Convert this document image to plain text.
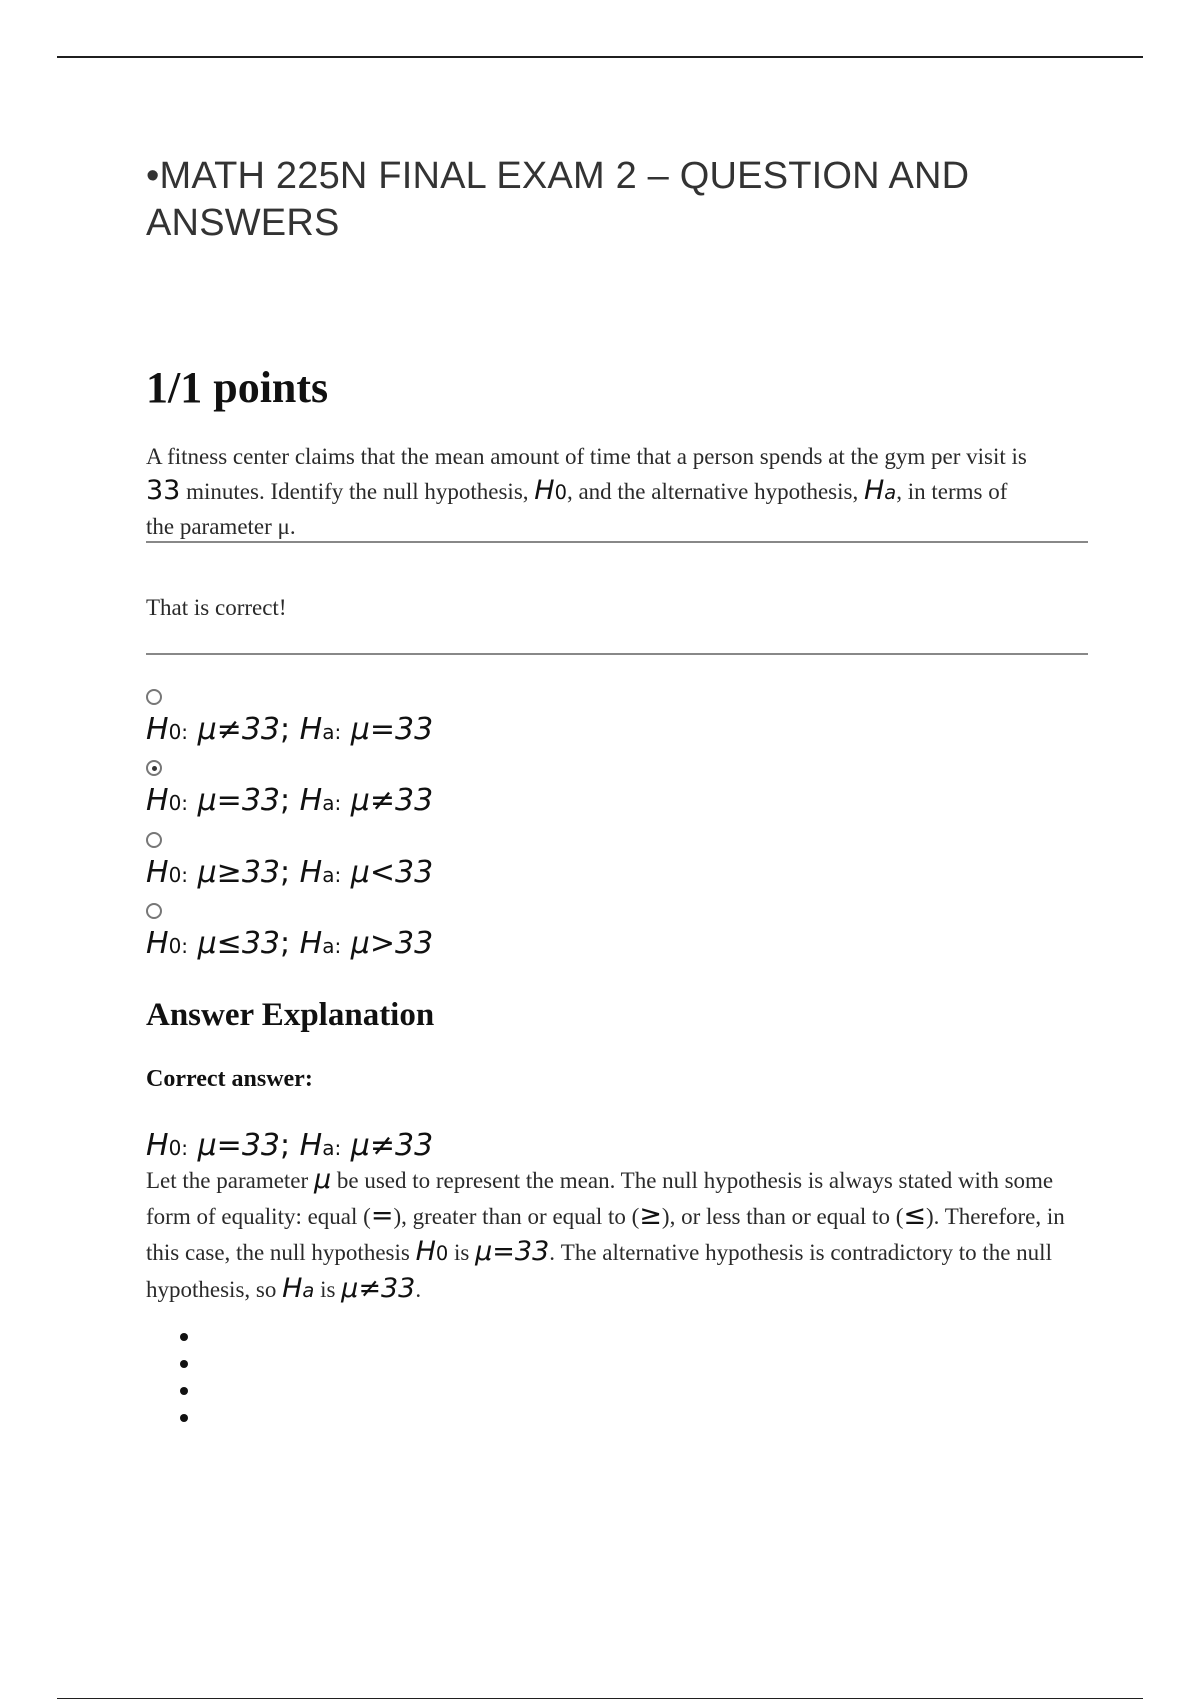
•MATH 225N FINAL EXAM 2 – QUESTION AND ANSWERS
1/1 points
A fitness center claims that the mean amount of time that a person spends at the gym per visit is
33 minutes. Identify the null hypothesis, H0, and the alternative hypothesis, Ha, in terms of
the parameter μ.
That is correct!
H0: μ≠33; Ha: μ=33
H0: μ=33; Ha: μ≠33
H0: μ≥33; Ha: μ<33
H0: μ≤33; Ha: μ>33
Answer Explanation
Correct answer:
H0: μ=33; Ha: μ≠33
Let the parameter μ be used to represent the mean. The null hypothesis is always stated with some form of equality: equal (=), greater than or equal to (≥), or less than or equal to (≤). Therefore, in this case, the null hypothesis H0 is μ=33. The alternative hypothesis is contradictory to the null hypothesis, so Ha is μ≠33.
